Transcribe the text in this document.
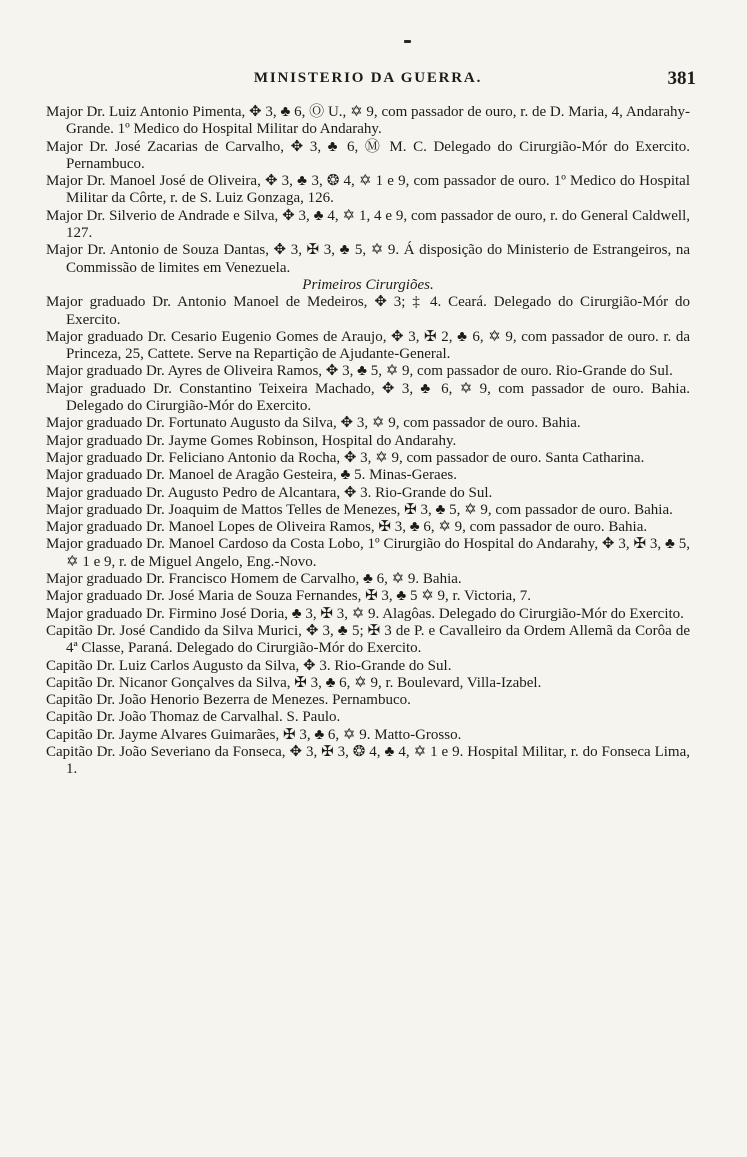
MINISTERIO DA GUERRA.	381

Major Dr. Luiz Antonio Pimenta, ✥ 3, ♣ 6, Ⓞ U., ✡ 9, com passador de ouro, r. de D. Maria, 4, Andarahy-Grande. 1º Medico do Hospital Militar do Andarahy.

Major Dr. José Zacarias de Carvalho, ✥ 3, ♣ 6, Ⓜ M. C. Delegado do Cirurgião-Mór do Exercito. Pernambuco.

Major Dr. Manoel José de Oliveira, ✥ 3, ♣ 3, ❂ 4, ✡ 1 e 9, com passador de ouro. 1º Medico do Hospital Militar da Côrte, r. de S. Luiz Gonzaga, 126.

Major Dr. Silverio de Andrade e Silva, ✥ 3, ♣ 4, ✡ 1, 4 e 9, com passador de ouro, r. do General Caldwell, 127.

Major Dr. Antonio de Souza Dantas, ✥ 3, ✠ 3, ♣ 5, ✡ 9. Á disposição do Ministerio de Estrangeiros, na Commissão de limites em Venezuela.

Primeiros Cirurgiões.

Major graduado Dr. Antonio Manoel de Medeiros, ✥ 3; ‡ 4. Ceará. Delegado do Cirurgião-Mór do Exercito.

Major graduado Dr. Cesario Eugenio Gomes de Araujo, ✥ 3, ✠ 2, ♣ 6, ✡ 9, com passador de ouro. r. da Princeza, 25, Cattete. Serve na Repartição de Ajudante-General.

Major graduado Dr. Ayres de Oliveira Ramos, ✥ 3, ♣ 5, ✡ 9, com passador de ouro. Rio-Grande do Sul.

Major graduado Dr. Constantino Teixeira Machado, ✥ 3, ♣ 6, ✡ 9, com passador de ouro. Bahia. Delegado do Cirurgião-Mór do Exercito.

Major graduado Dr. Fortunato Augusto da Silva, ✥ 3, ✡ 9, com passador de ouro. Bahia.

Major graduado Dr. Jayme Gomes Robinson, Hospital do Andarahy.

Major graduado Dr. Feliciano Antonio da Rocha, ✥ 3, ✡ 9, com passador de ouro. Santa Catharina.

Major graduado Dr. Manoel de Aragão Gesteira, ♣ 5. Minas-Geraes.

Major graduado Dr. Augusto Pedro de Alcantara, ✥ 3. Rio-Grande do Sul.

Major graduado Dr. Joaquim de Mattos Telles de Menezes, ✠ 3, ♣ 5, ✡ 9, com passador de ouro. Bahia.

Major graduado Dr. Manoel Lopes de Oliveira Ramos, ✠ 3, ♣ 6, ✡ 9, com passador de ouro. Bahia.

Major graduado Dr. Manoel Cardoso da Costa Lobo, 1º Cirurgião do Hospital do Andarahy, ✥ 3, ✠ 3, ♣ 5, ✡ 1 e 9, r. de Miguel Angelo, Eng.-Novo.

Major graduado Dr. Francisco Homem de Carvalho, ♣ 6, ✡ 9. Bahia.

Major graduado Dr. José Maria de Souza Fernandes, ✠ 3, ♣ 5 ✡ 9, r. Victoria, 7.

Major graduado Dr. Firmino José Doria, ♣ 3, ✠ 3, ✡ 9. Alagôas. Delegado do Cirurgião-Mór do Exercito.

Capitão Dr. José Candido da Silva Murici, ✥ 3, ♣ 5; ✠ 3 de P. e Cavalleiro da Ordem Allemã da Corôa de 4ª Classe, Paraná. Delegado do Cirurgião-Mór do Exercito.

Capitão Dr. Luiz Carlos Augusto da Silva, ✥ 3. Rio-Grande do Sul.

Capitão Dr. Nicanor Gonçalves da Silva, ✠ 3, ♣ 6, ✡ 9, r. Boulevard, Villa-Izabel.

Capitão Dr. João Henorio Bezerra de Menezes. Pernambuco.

Capitão Dr. João Thomaz de Carvalhal. S. Paulo.

Capitão Dr. Jayme Alvares Guimarães, ✠ 3, ♣ 6, ✡ 9. Matto-Grosso.

Capitão Dr. João Severiano da Fonseca, ✥ 3, ✠ 3, ❂ 4, ♣ 4, ✡ 1 e 9. Hospital Militar, r. do Fonseca Lima, 1.
